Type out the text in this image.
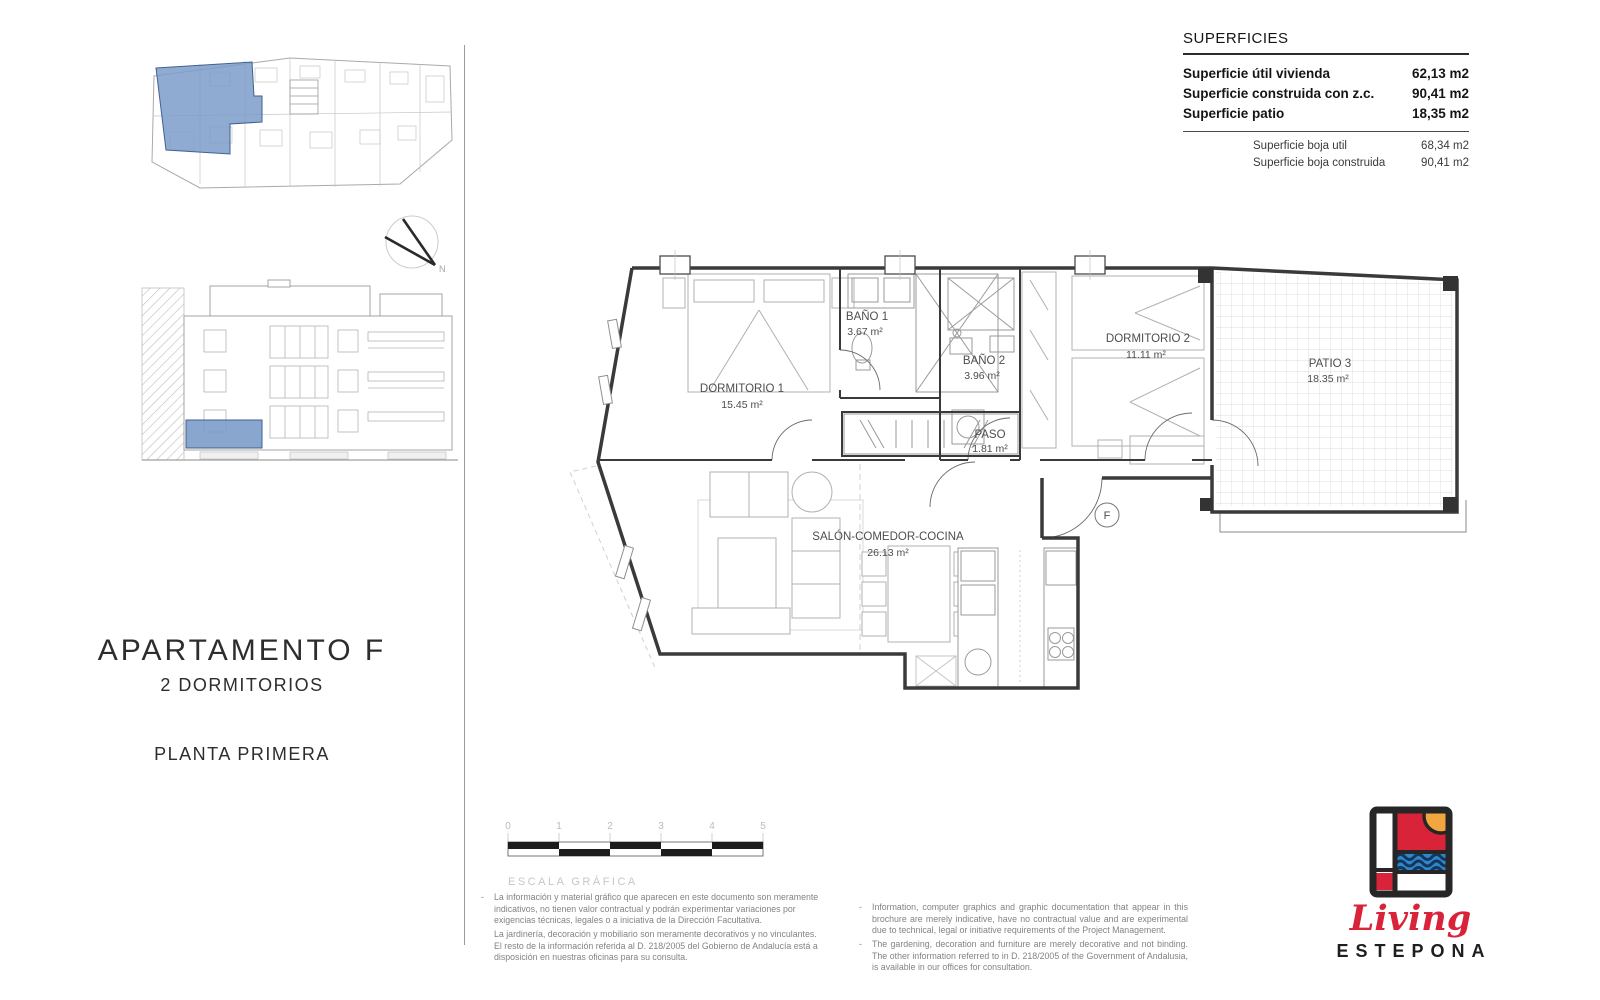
N
APARTAMENTO F
2 DORMITORIOS
PLANTA PRIMERA
SUPERFICIES
Superficie útil vivienda	62,13 m2
Superficie construida con z.c.	90,41 m2
Superficie patio	18,35 m2
Superficie boja util	68,34 m2
Superficie boja construida	90,41 m2
F
DORMITORIO 1
15.45 m²
BAÑO 1
3.67 m²
BAÑO 2
3.96 m²
DORMITORIO 2
11.11 m²
PATIO 3
18.35 m²
PASO
1.81 m²
SALÓN-COMEDOR-COCINA
26.13 m²
0	1	2	3	4	5
ESCALA GRÁFICA
- La información y material gráfico que aparecen en este documento son meramente indicativos, no tienen valor contractual y podrán experimentar variaciones por exigencias técnicas, legales o a iniciativa de la Dirección Facultativa.
La jardinería, decoración y mobiliario son meramente decorativos y no vinculantes. El resto de la información referida al D. 218/2005 del Gobierno de Andalucía está a disposición en nuestras oficinas para su consulta.
- Information, computer graphics and graphic documentation that appear in this brochure are merely indicative, have no contractual value and are experimental due to technical, legal or initiative requirements of the Project Management.
- The gardening, decoration and furniture are merely decorative and not binding. The other information referred to in D. 218/2005 of the Government of Andalusia, is available in our offices for consultation.
Living
ESTEPONA
